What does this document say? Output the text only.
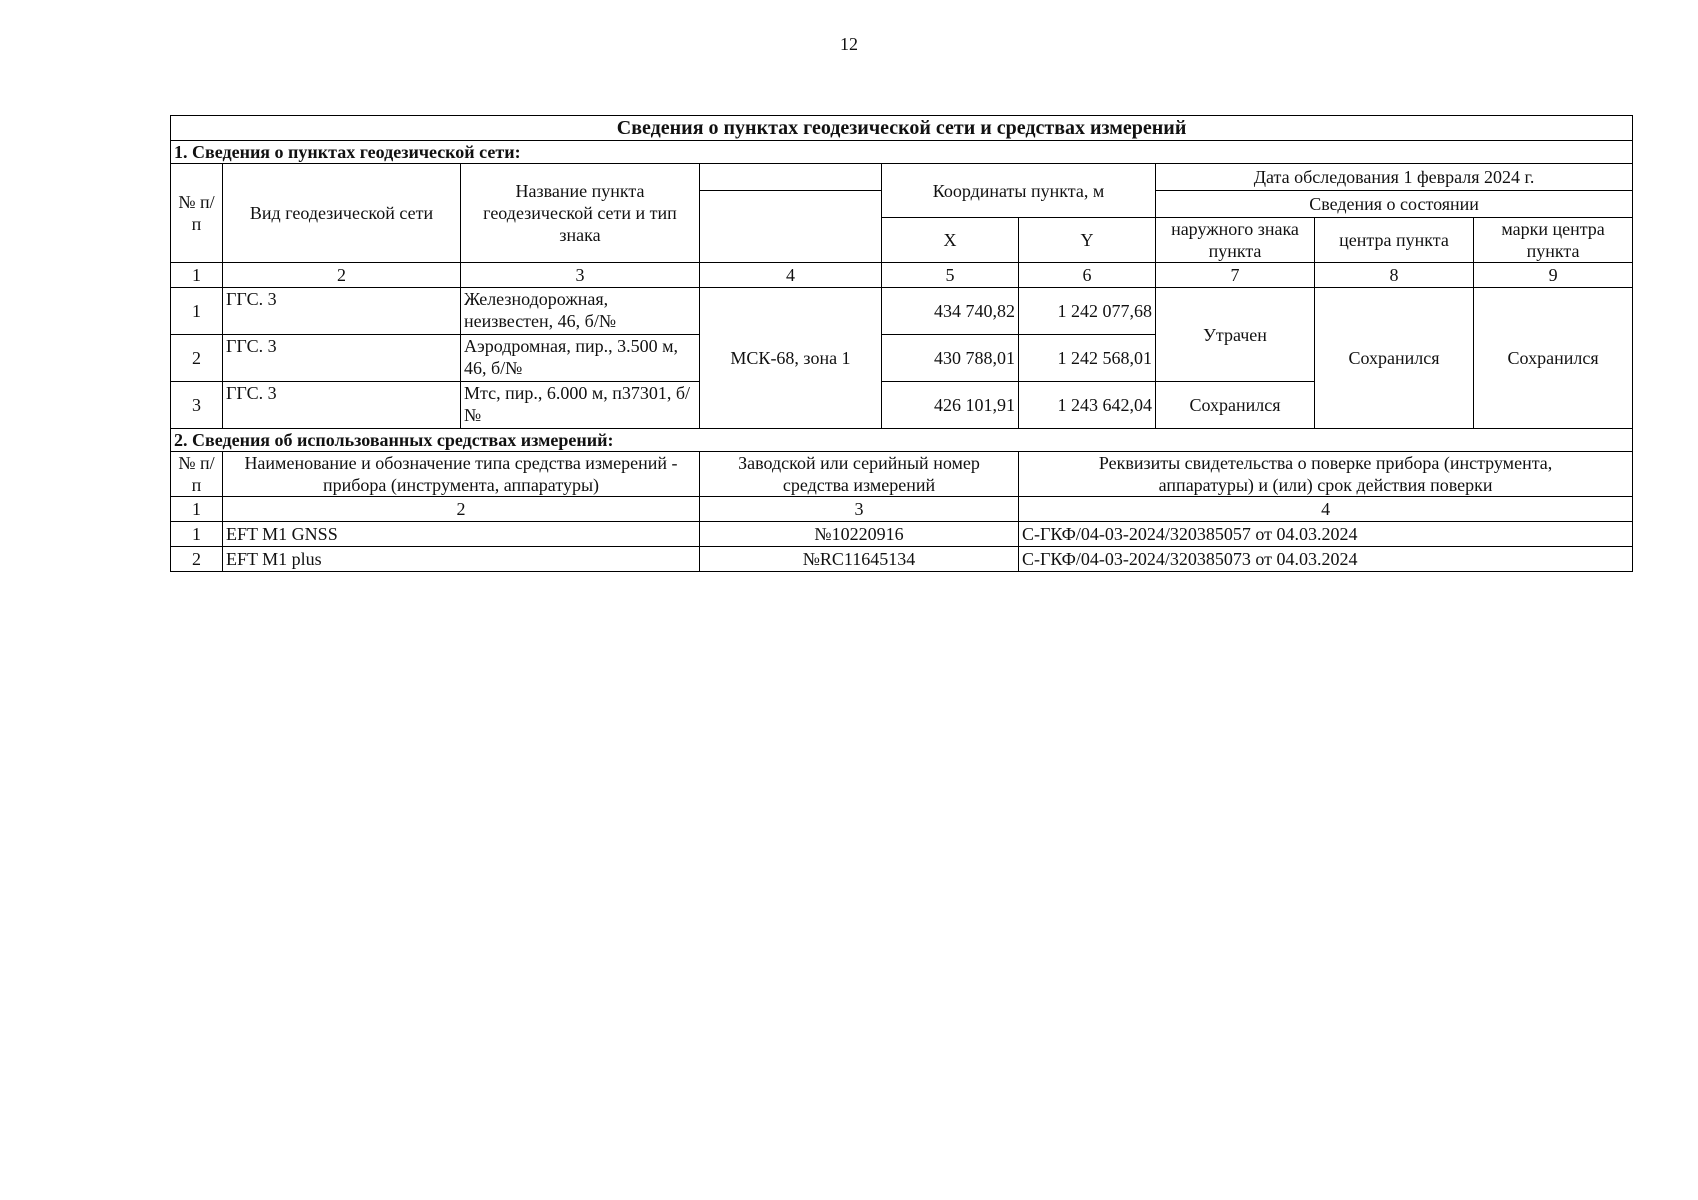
12
Сведения о пунктах геодезической сети и средствах измерений								
1. Сведения о пунктах геодезической сети:								
№ п/п	Вид геодезической сети	Название пункта геодезической сети и тип знака		Координаты пункта, м		Дата обследования 1 февраля 2024 г.		
						Сведения о состоянии		
				X	Y	наружного знака пункта	центра пункта	марки центра пункта

1	2	3	4	5	6	7	8	9
1	ГГС. 3	Железнодорожная, неизвестен, 46, б/№	МСК-68, зона 1	434 740,82	1 242 077,68	Утрачен	Сохранился	Сохранился
2	ГГС. 3	Аэродромная, пир., 3.500 м, 46, б/№		430 788,01	1 242 568,01			
3	ГГС. 3	Мтс, пир., 6.000 м, п37301, б/№		426 101,91	1 243 642,04	Сохранился		
2. Сведения об использованных средствах измерений:								
№ п/п	Наименование и обозначение типа средства измерений - прибора (инструмента, аппаратуры)		Заводской или серийный номер средства измерений		Реквизиты свидетельства о поверке прибора (инструмента, аппаратуры) и (или) срок действия поверки			
1	2		3		4			
1	EFT M1 GNSS		№10220916		С-ГКФ/04-03-2024/320385057 от 04.03.2024			
2	EFT M1 plus		№RC11645134		С-ГКФ/04-03-2024/320385073 от 04.03.2024			
